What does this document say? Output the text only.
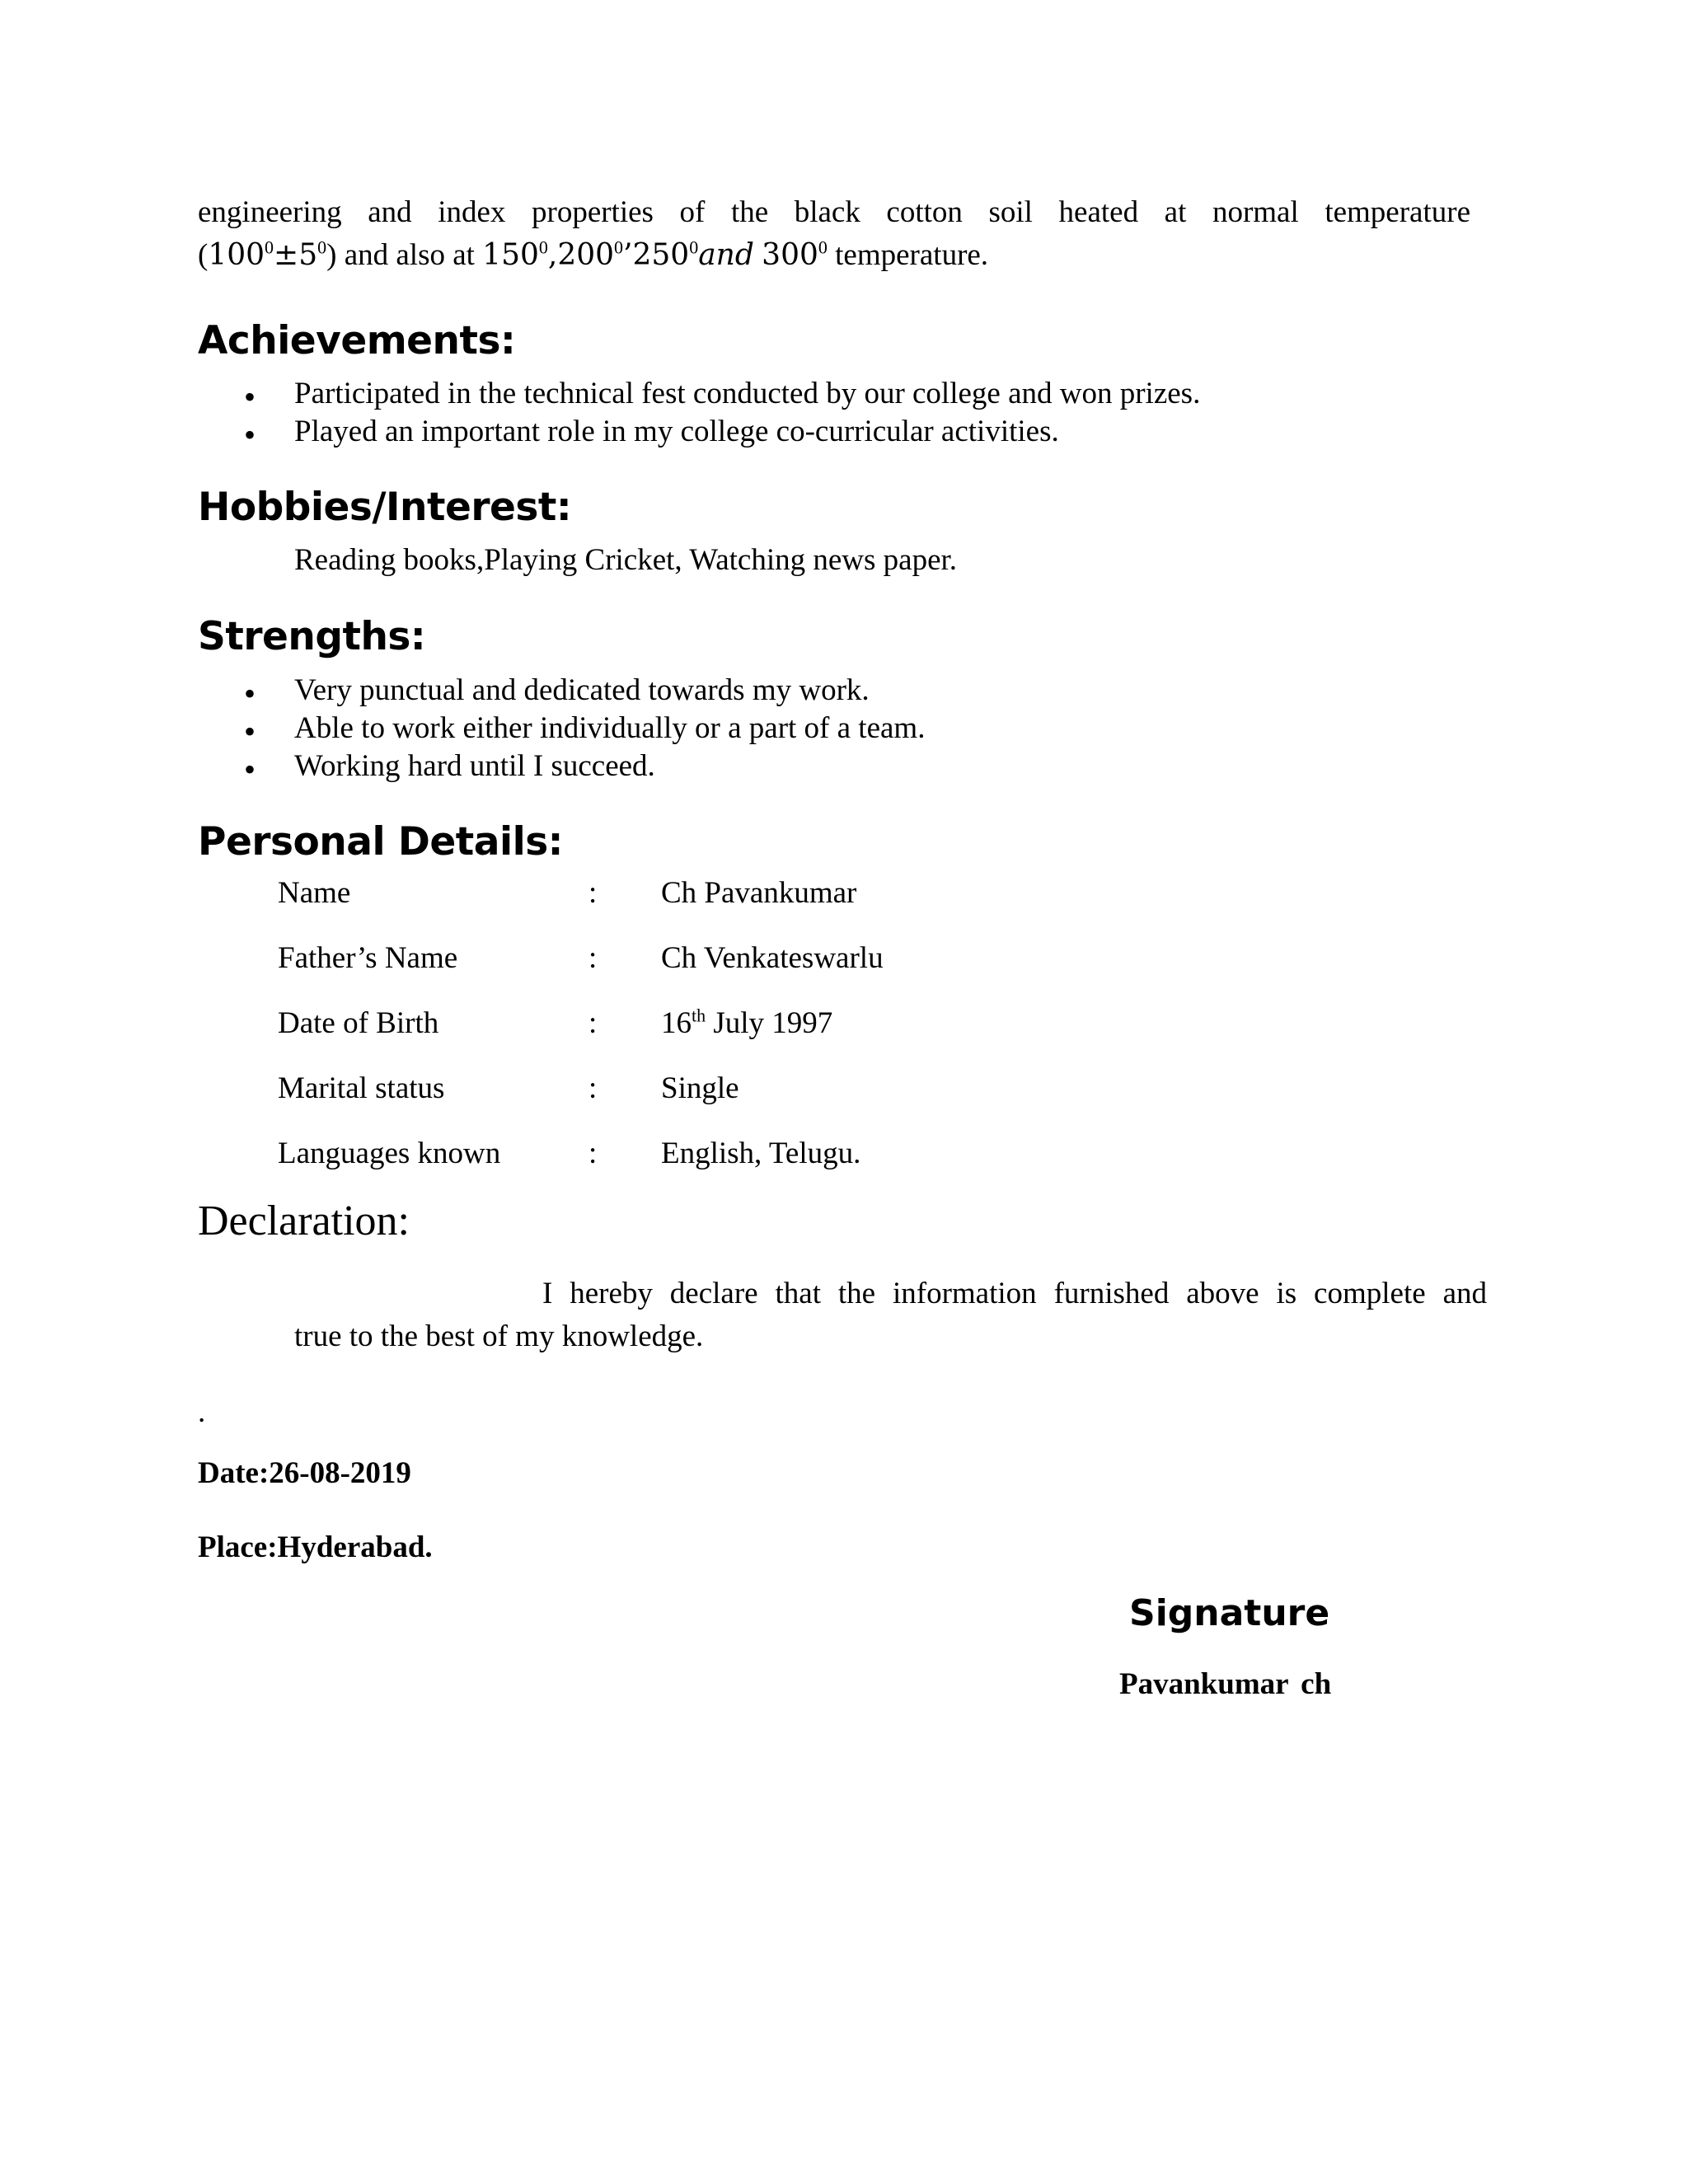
engineering and index properties of the black cotton soil heated at normal temperature
$(100^0\pm 5^0)$ and also at $150^0,200^0’250^0and$ $300^0$ temperature.
Achievements:
• Participated in the technical fest conducted by our college and won prizes.
• Played an important role in my college co-curricular activities.
Hobbies/Interest:
Reading books,Playing Cricket, Watching news paper.
Strengths:
• Very punctual and dedicated towards my work.
• Able to work either individually or a part of a team.
• Working hard until I succeed.
Personal Details:
Name	: Ch Pavankumar
Father’s Name	: Ch Venkateswarlu
Date of Birth	: 16th July 1997
Marital status	: Single
Languages known	: English, Telugu.
Declaration:
I hereby declare that the information furnished above is complete and
true to the best of my knowledge.
.
Date:26-08-2019
Place:Hyderabad.
Signature
Pavankumar ch
